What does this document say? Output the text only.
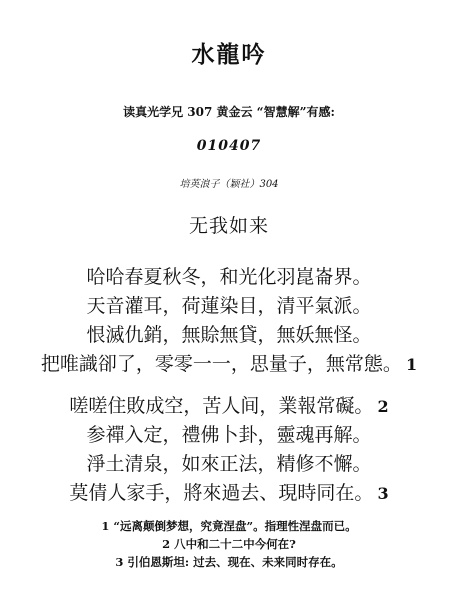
水龍吟
读真光学兄 307 黄金云 “智慧解”有感:
010407
培英浪子（颖社）304
无我如来
哈哈春夏秋冬，和光化羽崑崙界。
天音灌耳，荷蓮染目，清平氣派。
恨滅仇銷，無賒無貸，無妖無怪。
把唯識卻了，零零一一，思量子，無常態。 1
嗟嗟住敗成空，苦人间，業報常礙。 2
参禪入定，禮佛卜卦，靈魂再解。
淨土清泉，如來正法，精修不懈。
莫倩人家手，將來過去、現時同在。 3
1 “远离颠倒梦想，究竟涅盘”。指理性涅盘而已。
2 八中和二十二中今何在?
3 引伯恩斯坦: 过去、现在、未来同时存在。
